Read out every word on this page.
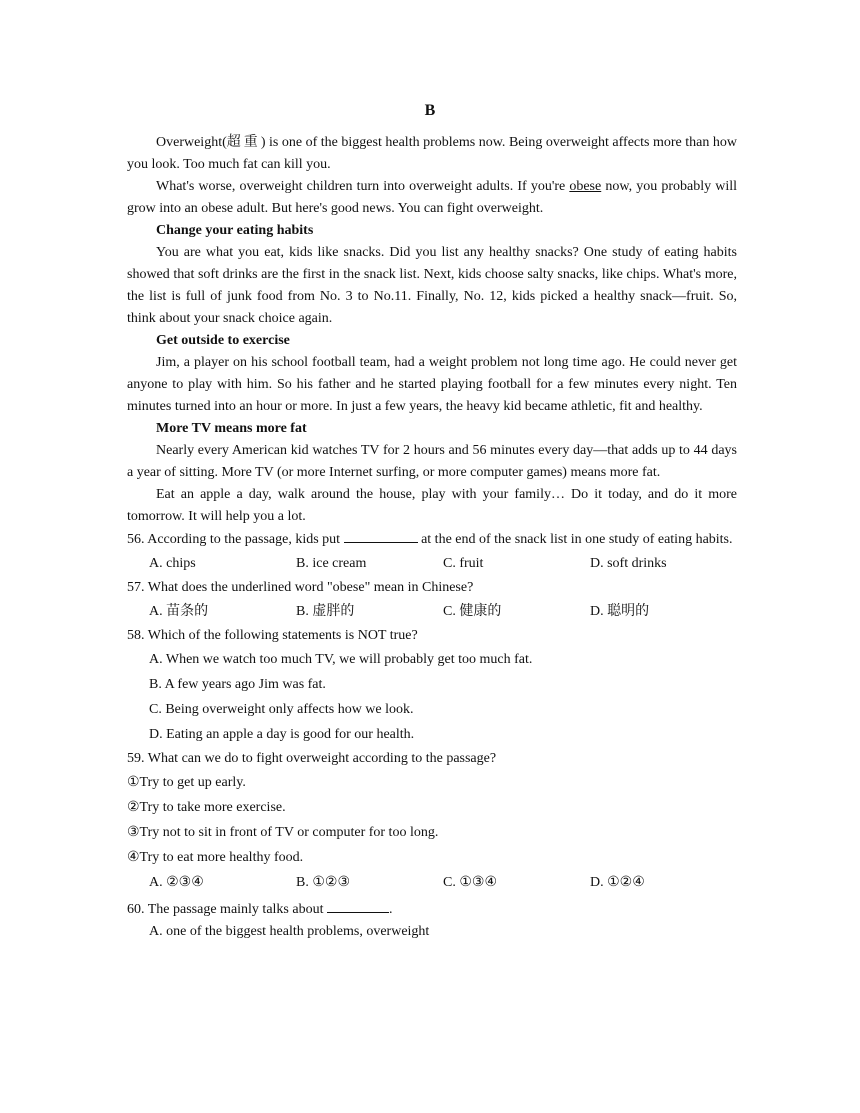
B

Overweight(超重) is one of the biggest health problems now. Being overweight affects more than how you look. Too much fat can kill you.

What's worse, overweight children turn into overweight adults. If you're obese now, you probably will grow into an obese adult. But here's good news. You can fight overweight.

Change your eating habits

You are what you eat, kids like snacks. Did you list any healthy snacks? One study of eating habits showed that soft drinks are the first in the snack list. Next, kids choose salty snacks, like chips. What's more, the list is full of junk food from No. 3 to No.11. Finally, No. 12, kids picked a healthy snack—fruit. So, think about your snack choice again.

Get outside to exercise

Jim, a player on his school football team, had a weight problem not long time ago. He could never get anyone to play with him. So his father and he started playing football for a few minutes every night. Ten minutes turned into an hour or more. In just a few years, the heavy kid became athletic, fit and healthy.

More TV means more fat

Nearly every American kid watches TV for 2 hours and 56 minutes every day—that adds up to 44 days a year of sitting. More TV (or more Internet surfing, or more computer games) means more fat.

Eat an apple a day, walk around the house, play with your family… Do it today, and do it more tomorrow. It will help you a lot.

56. According to the passage, kids put	at the end of the snack list in one study of eating habits.

A. chips	B. ice cream	C. fruit	D. soft drinks

57. What does the underlined word "obese" mean in Chinese?

A. 苗条的	B. 虚胖的	C. 健康的	D. 聪明的

58. Which of the following statements is NOT true?

A. When we watch too much TV, we will probably get too much fat.
B. A few years ago Jim was fat.
C. Being overweight only affects how we look.
D. Eating an apple a day is good for our health.

59. What can we do to fight overweight according to the passage?

①Try to get up early.
②Try to take more exercise.
③Try not to sit in front of TV or computer for too long.
④Try to eat more healthy food.
A. ②③④	B. ①②③	C. ①③④	D. ①②④

60. The passage mainly talks about	.

A. one of the biggest health problems, overweight
